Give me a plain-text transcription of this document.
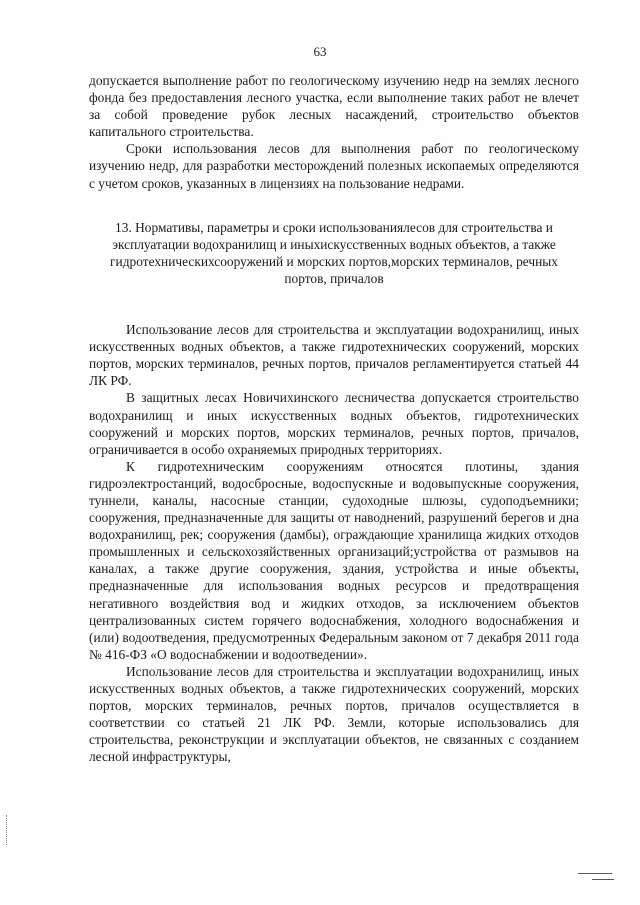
63

допускается выполнение работ по геологическому изучению недр на землях лесного фонда без предоставления лесного участка, если выполнение таких работ не влечет за собой проведение рубок лесных насаждений, строительство объектов капитального строительства.

Сроки использования лесов для выполнения работ по геологическому изучению недр, для разработки месторождений полезных ископаемых определяются с учетом сроков, указанных в лицензиях на пользование недрами.

13. Нормативы, параметры и сроки использованиялесов для строительства и эксплуатации водохранилищ и иныхискусственных водных объектов, а также гидротехническихсооружений и морских портов,морских терминалов, речных портов, причалов

Использование лесов для строительства и эксплуатации водохранилищ, иных искусственных водных объектов, а также гидротехнических сооружений, морских портов, морских терминалов, речных портов, причалов регламентируется статьей 44 ЛК РФ.

В защитных лесах Новичихинского лесничества допускается строительство водохранилищ и иных искусственных водных объектов, гидротехнических сооружений и морских портов, морских терминалов, речных портов, причалов, ограничивается в особо охраняемых природных территориях.

К гидротехническим сооружениям относятся плотины, здания гидроэлектростанций, водосбросные, водоспускные и водовыпускные сооружения, туннели, каналы, насосные станции, судоходные шлюзы, судоподъемники; сооружения, предназначенные для защиты от наводнений, разрушений берегов и дна водохранилищ, рек; сооружения (дамбы), ограждающие хранилища жидких отходов промышленных и сельскохозяйственных организаций;устройства от размывов на каналах, а также другие сооружения, здания, устройства и иные объекты, предназначенные для использования водных ресурсов и предотвращения негативного воздействия вод и жидких отходов, за исключением объектов централизованных систем горячего водоснабжения, холодного водоснабжения и (или) водоотведения, предусмотренных Федеральным законом от 7 декабря 2011 года № 416-ФЗ «О водоснабжении и водоотведении».

Использование лесов для строительства и эксплуатации водохранилищ, иных искусственных водных объектов, а также гидротехнических сооружений, морских портов, морских терминалов, речных портов, причалов осуществляется в соответствии со статьей 21 ЛК РФ. Земли, которые использовались для строительства, реконструкции и эксплуатации объектов, не связанных с созданием лесной инфраструктуры,
